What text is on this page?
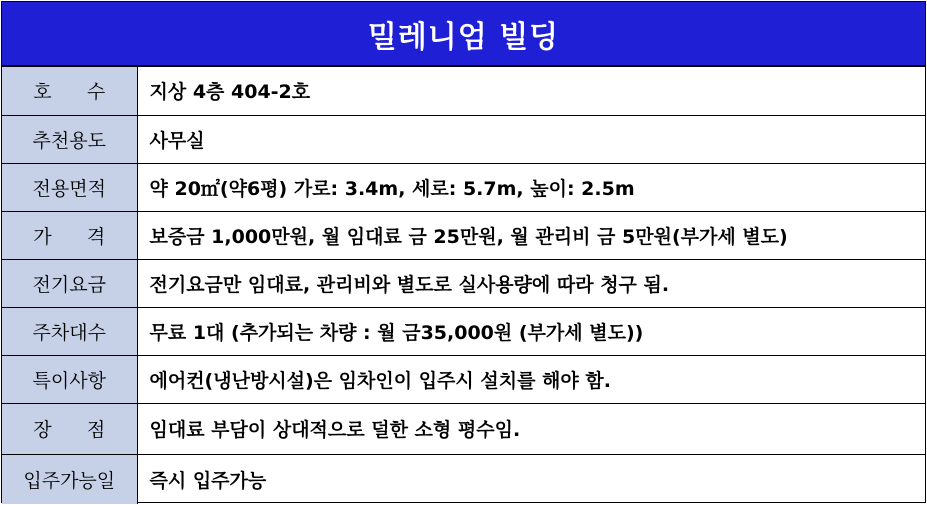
밀레니엄 빌딩
호 수	지상 4층 404-2호
추천용도	사무실
전용면적	약 20㎡(약6평) 가로: 3.4m, 세로: 5.7m, 높이: 2.5m

가 격	보증금 1,000만원, 월 임대료 금 25만원, 월 관리비 금 5만원(부가세 별도)
전기요금	전기요금만 임대료, 관리비와 별도로 실사용량에 따라 청구 됨.
주차대수	무료 1대 (추가되는 차량 : 월 금35,000원 (부가세 별도))
특이사항	에어컨(냉난방시설)은 임차인이 입주시 설치를 해야 함.

장 점	임대료 부담이 상대적으로 덜한 소형 평수임.
입주가능일	즉시 입주가능
